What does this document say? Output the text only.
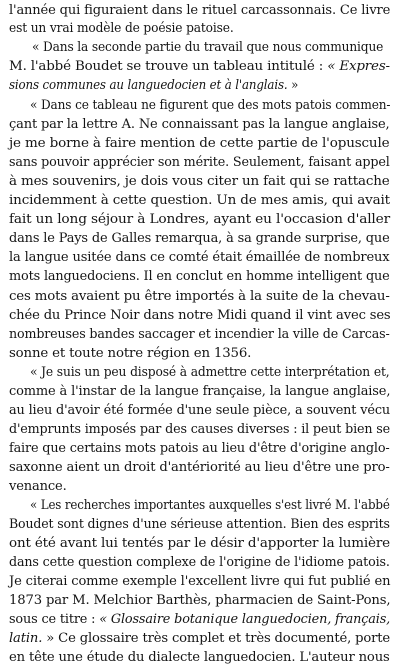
l'année qui figuraient dans le rituel carcassonnais. Ce livre
est un vrai modèle de poésie patoise.
« Dans la seconde partie du travail que nous communique
M. l'abbé Boudet se trouve un tableau intitulé : « Expres-
sions communes au languedocien et à l'anglais. »
« Dans ce tableau ne figurent que des mots patois commen-
çant par la lettre A. Ne connaissant pas la langue anglaise,
je me borne à faire mention de cette partie de l'opuscule
sans pouvoir apprécier son mérite. Seulement, faisant appel
à mes souvenirs, je dois vous citer un fait qui se rattache
incidemment à cette question. Un de mes amis, qui avait
fait un long séjour à Londres, ayant eu l'occasion d'aller
dans le Pays de Galles remarqua, à sa grande surprise, que
la langue usitée dans ce comté était émaillée de nombreux
mots languedociens. Il en conclut en homme intelligent que
ces mots avaient pu être importés à la suite de la chevau-
chée du Prince Noir dans notre Midi quand il vint avec ses
nombreuses bandes saccager et incendier la ville de Carcas-
sonne et toute notre région en 1356.
« Je suis un peu disposé à admettre cette interprétation et,
comme à l'instar de la langue française, la langue anglaise,
au lieu d'avoir été formée d'une seule pièce, a souvent vécu
d'emprunts imposés par des causes diverses : il peut bien se
faire que certains mots patois au lieu d'être d'origine anglo-
saxonne aient un droit d'antériorité au lieu d'être une pro-
venance.
« Les recherches importantes auxquelles s'est livré M. l'abbé
Boudet sont dignes d'une sérieuse attention. Bien des esprits
ont été avant lui tentés par le désir d'apporter la lumière
dans cette question complexe de l'origine de l'idiome patois.
Je citerai comme exemple l'excellent livre qui fut publié en
1873 par M. Melchior Barthès, pharmacien de Saint-Pons,
sous ce titre : « Glossaire botanique languedocien, français,
latin. » Ce glossaire très complet et très documenté, porte
en tête une étude du dialecte languedocien. L'auteur nous
